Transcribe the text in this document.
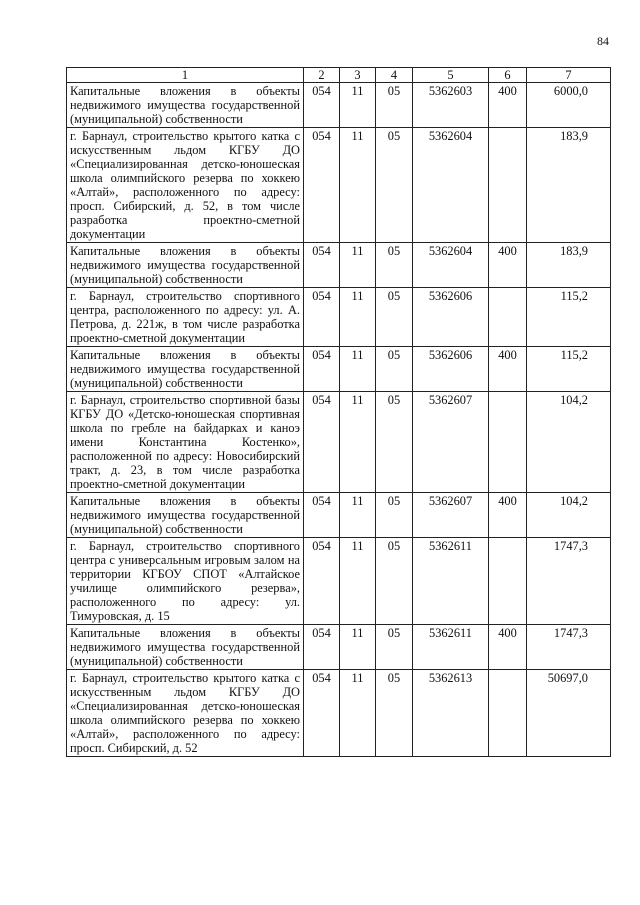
84
1	2	3	4	5	6	7
Капитальные вложения в объекты недвижимого имущества государственной (муниципальной) собственности	054	11	05	5362603	400	6000,0
г. Барнаул, строительство крытого катка с искусственным льдом КГБУ ДО «Специализированная детско-юношеская школа олимпийского резерва по хоккею «Алтай», расположенного по адресу: просп. Сибирский, д. 52, в том числе разработка проектно-сметной документации	054	11	05	5362604		183,9
Капитальные вложения в объекты недвижимого имущества государственной (муниципальной) собственности	054	11	05	5362604	400	183,9
г. Барнаул, строительство спортивного центра, расположенного по адресу: ул. А. Петрова, д. 221ж, в том числе разработка проектно-сметной документации	054	11	05	5362606		115,2
Капитальные вложения в объекты недвижимого имущества государственной (муниципальной) собственности	054	11	05	5362606	400	115,2
г. Барнаул, строительство спортивной базы КГБУ ДО «Детско-юношеская спортивная школа по гребле на байдарках и каноэ имени Константина Костенко», расположенной по адресу: Новосибирский тракт, д. 23, в том числе разработка проектно-сметной документации	054	11	05	5362607		104,2
Капитальные вложения в объекты недвижимого имущества государственной (муниципальной) собственности	054	11	05	5362607	400	104,2
г. Барнаул, строительство спортивного центра с универсальным игровым залом на территории КГБОУ СПОТ «Алтайское училище олимпийского резерва», расположенного по адресу: ул. Тимуровская, д. 15	054	11	05	5362611		1747,3
Капитальные вложения в объекты недвижимого имущества государственной (муниципальной) собственности	054	11	05	5362611	400	1747,3
г. Барнаул, строительство крытого катка с искусственным льдом КГБУ ДО «Специализированная детско-юношеская школа олимпийского резерва по хоккею «Алтай», расположенного по адресу: просп. Сибирский, д. 52	054	11	05	5362613		50697,0
